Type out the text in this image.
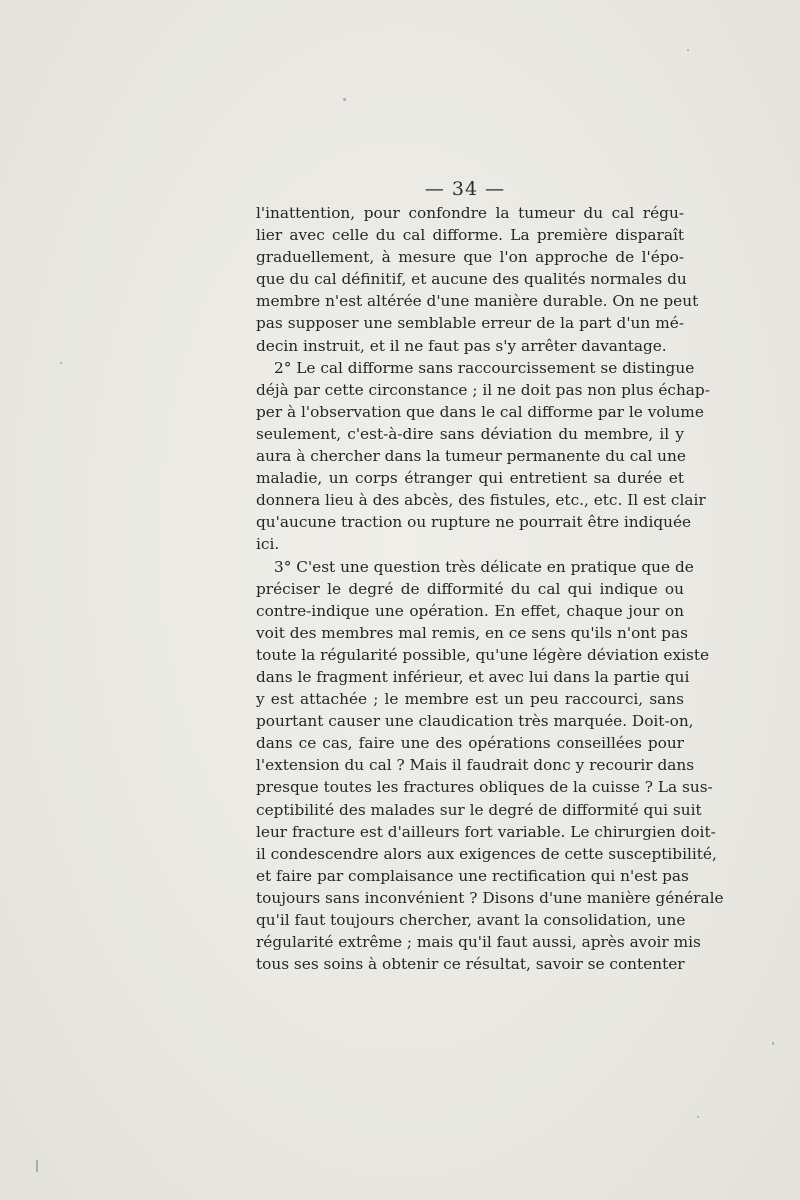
— 34 —
l'inattention, pour confondre la tumeur du cal régu-
lier avec celle du cal difforme. La première disparaît
graduellement, à mesure que l'on approche de l'épo-
que du cal définitif, et aucune des qualités normales du
membre n'est altérée d'une manière durable. On ne peut
pas supposer une semblable erreur de la part d'un mé-
decin instruit, et il ne faut pas s'y arrêter davantage.
2° Le cal difforme sans raccourcissement se distingue
déjà par cette circonstance ; il ne doit pas non plus échap-
per à l'observation que dans le cal difforme par le volume
seulement, c'est-à-dire sans déviation du membre, il y
aura à chercher dans la tumeur permanente du cal une
maladie, un corps étranger qui entretient sa durée et
donnera lieu à des abcès, des fistules, etc., etc. Il est clair
qu'aucune traction ou rupture ne pourrait être indiquée
ici.
3° C'est une question très délicate en pratique que de
préciser le degré de difformité du cal qui indique ou
contre-indique une opération. En effet, chaque jour on
voit des membres mal remis, en ce sens qu'ils n'ont pas
toute la régularité possible, qu'une légère déviation existe
dans le fragment inférieur, et avec lui dans la partie qui
y est attachée ; le membre est un peu raccourci, sans
pourtant causer une claudication très marquée. Doit-on,
dans ce cas, faire une des opérations conseillées pour
l'extension du cal ? Mais il faudrait donc y recourir dans
presque toutes les fractures obliques de la cuisse ? La sus-
ceptibilité des malades sur le degré de difformité qui suit
leur fracture est d'ailleurs fort variable. Le chirurgien doit-
il condescendre alors aux exigences de cette susceptibilité,
et faire par complaisance une rectification qui n'est pas
toujours sans inconvénient ? Disons d'une manière générale
qu'il faut toujours chercher, avant la consolidation, une
régularité extrême ; mais qu'il faut aussi, après avoir mis
tous ses soins à obtenir ce résultat, savoir se contenter
